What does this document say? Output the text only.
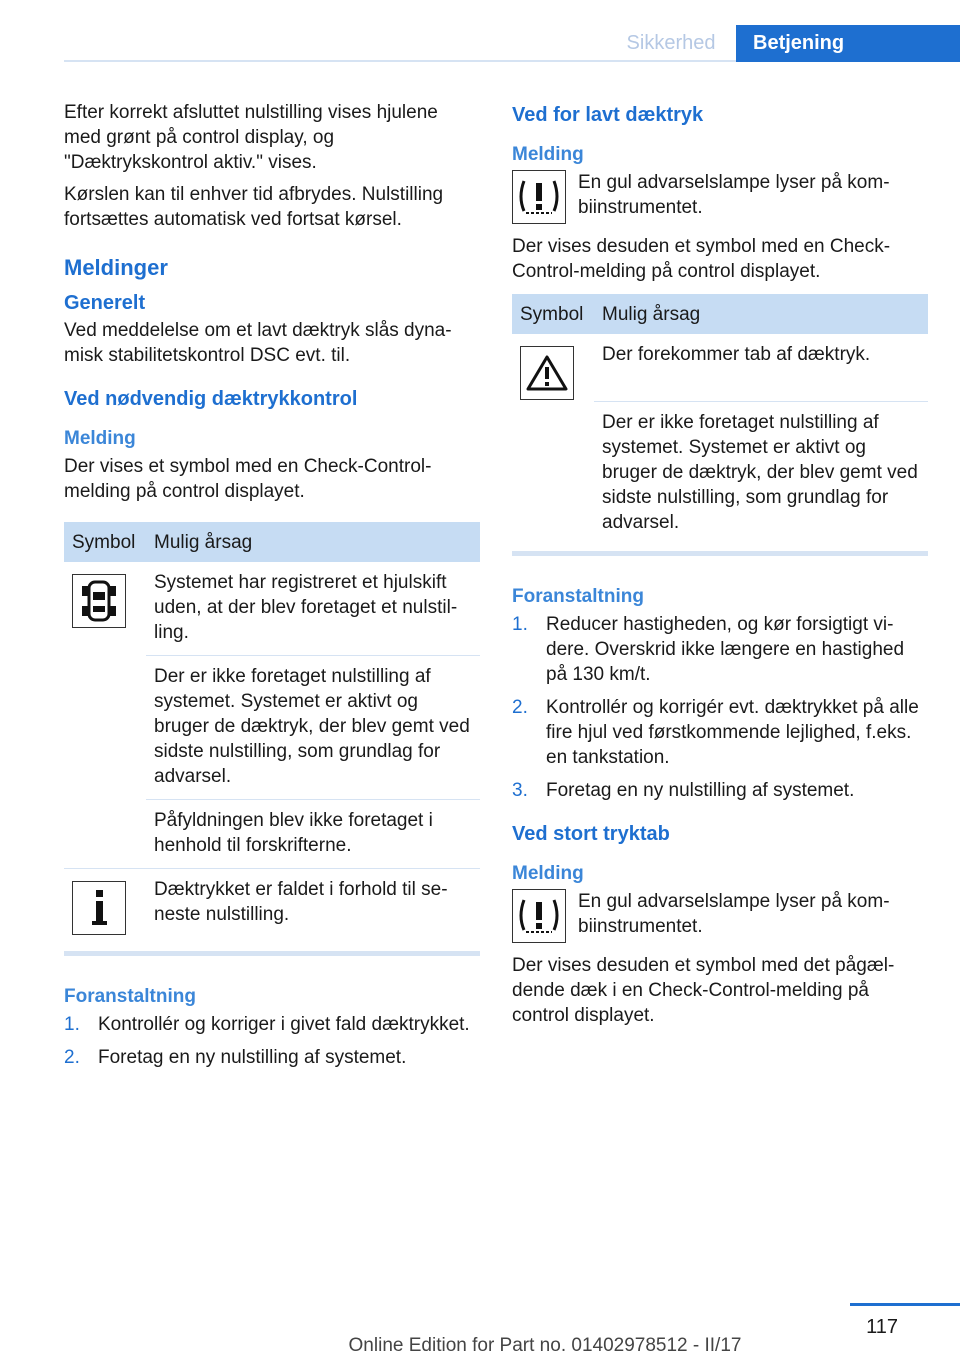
Sikkerhed	Betjening

Efter korrekt afsluttet nulstilling vises hjulene med grønt på control display, og "Dæktrykskontrol aktiv." vises.

Kørslen kan til enhver tid afbrydes. Nulstilling fortsættes automatisk ved fortsat kørsel.

Meldinger
Generelt

Ved meddelelse om et lavt dæktryk slås dynamisk stabilitetskontrol DSC evt. til.

Ved nødvendig dæktrykkontrol
Melding

Der vises et symbol med en Check-Control-melding på control displayet.

Symbol	Mulig årsag

	Systemet har registreret et hjulskift uden, at der blev foretaget et nulstilling.
	Der er ikke foretaget nulstilling af systemet. Systemet er aktivt og bruger de dæktryk, der blev gemt ved sidste nulstilling, som grundlag for advarsel.
	Påfyldningen blev ikke foretaget i henhold til forskrifterne.

	Dæktrykket er faldet i forhold til seneste nulstilling.
Foranstaltning
1. Kontrollér og korriger i givet fald dæktrykket.
2. Foretag en ny nulstilling af systemet.
Ved for lavt dæktryk
Melding
En gul advarselslampe lyser på kombiinstrumentet.

Der vises desuden et symbol med en Check-Control-melding på control displayet.

Symbol	Mulig årsag

	Der forekommer tab af dæktryk.
	Der er ikke foretaget nulstilling af systemet. Systemet er aktivt og bruger de dæktryk, der blev gemt ved sidste nulstilling, som grundlag for advarsel.
Foranstaltning
1. Reducer hastigheden, og kør forsigtigt videre. Overskrid ikke længere en hastighed på 130 km/t.
2. Kontrollér og korrigér evt. dæktrykket på alle fire hjul ved førstkommende lejlighed, f.eks. en tankstation.
3. Foretag en ny nulstilling af systemet.
Ved stort tryktab
Melding
En gul advarselslampe lyser på kombiinstrumentet.

Der vises desuden et symbol med det pågældende dæk i en Check-Control-melding på control displayet.

117
Online Edition for Part no. 01402978512 - II/17
